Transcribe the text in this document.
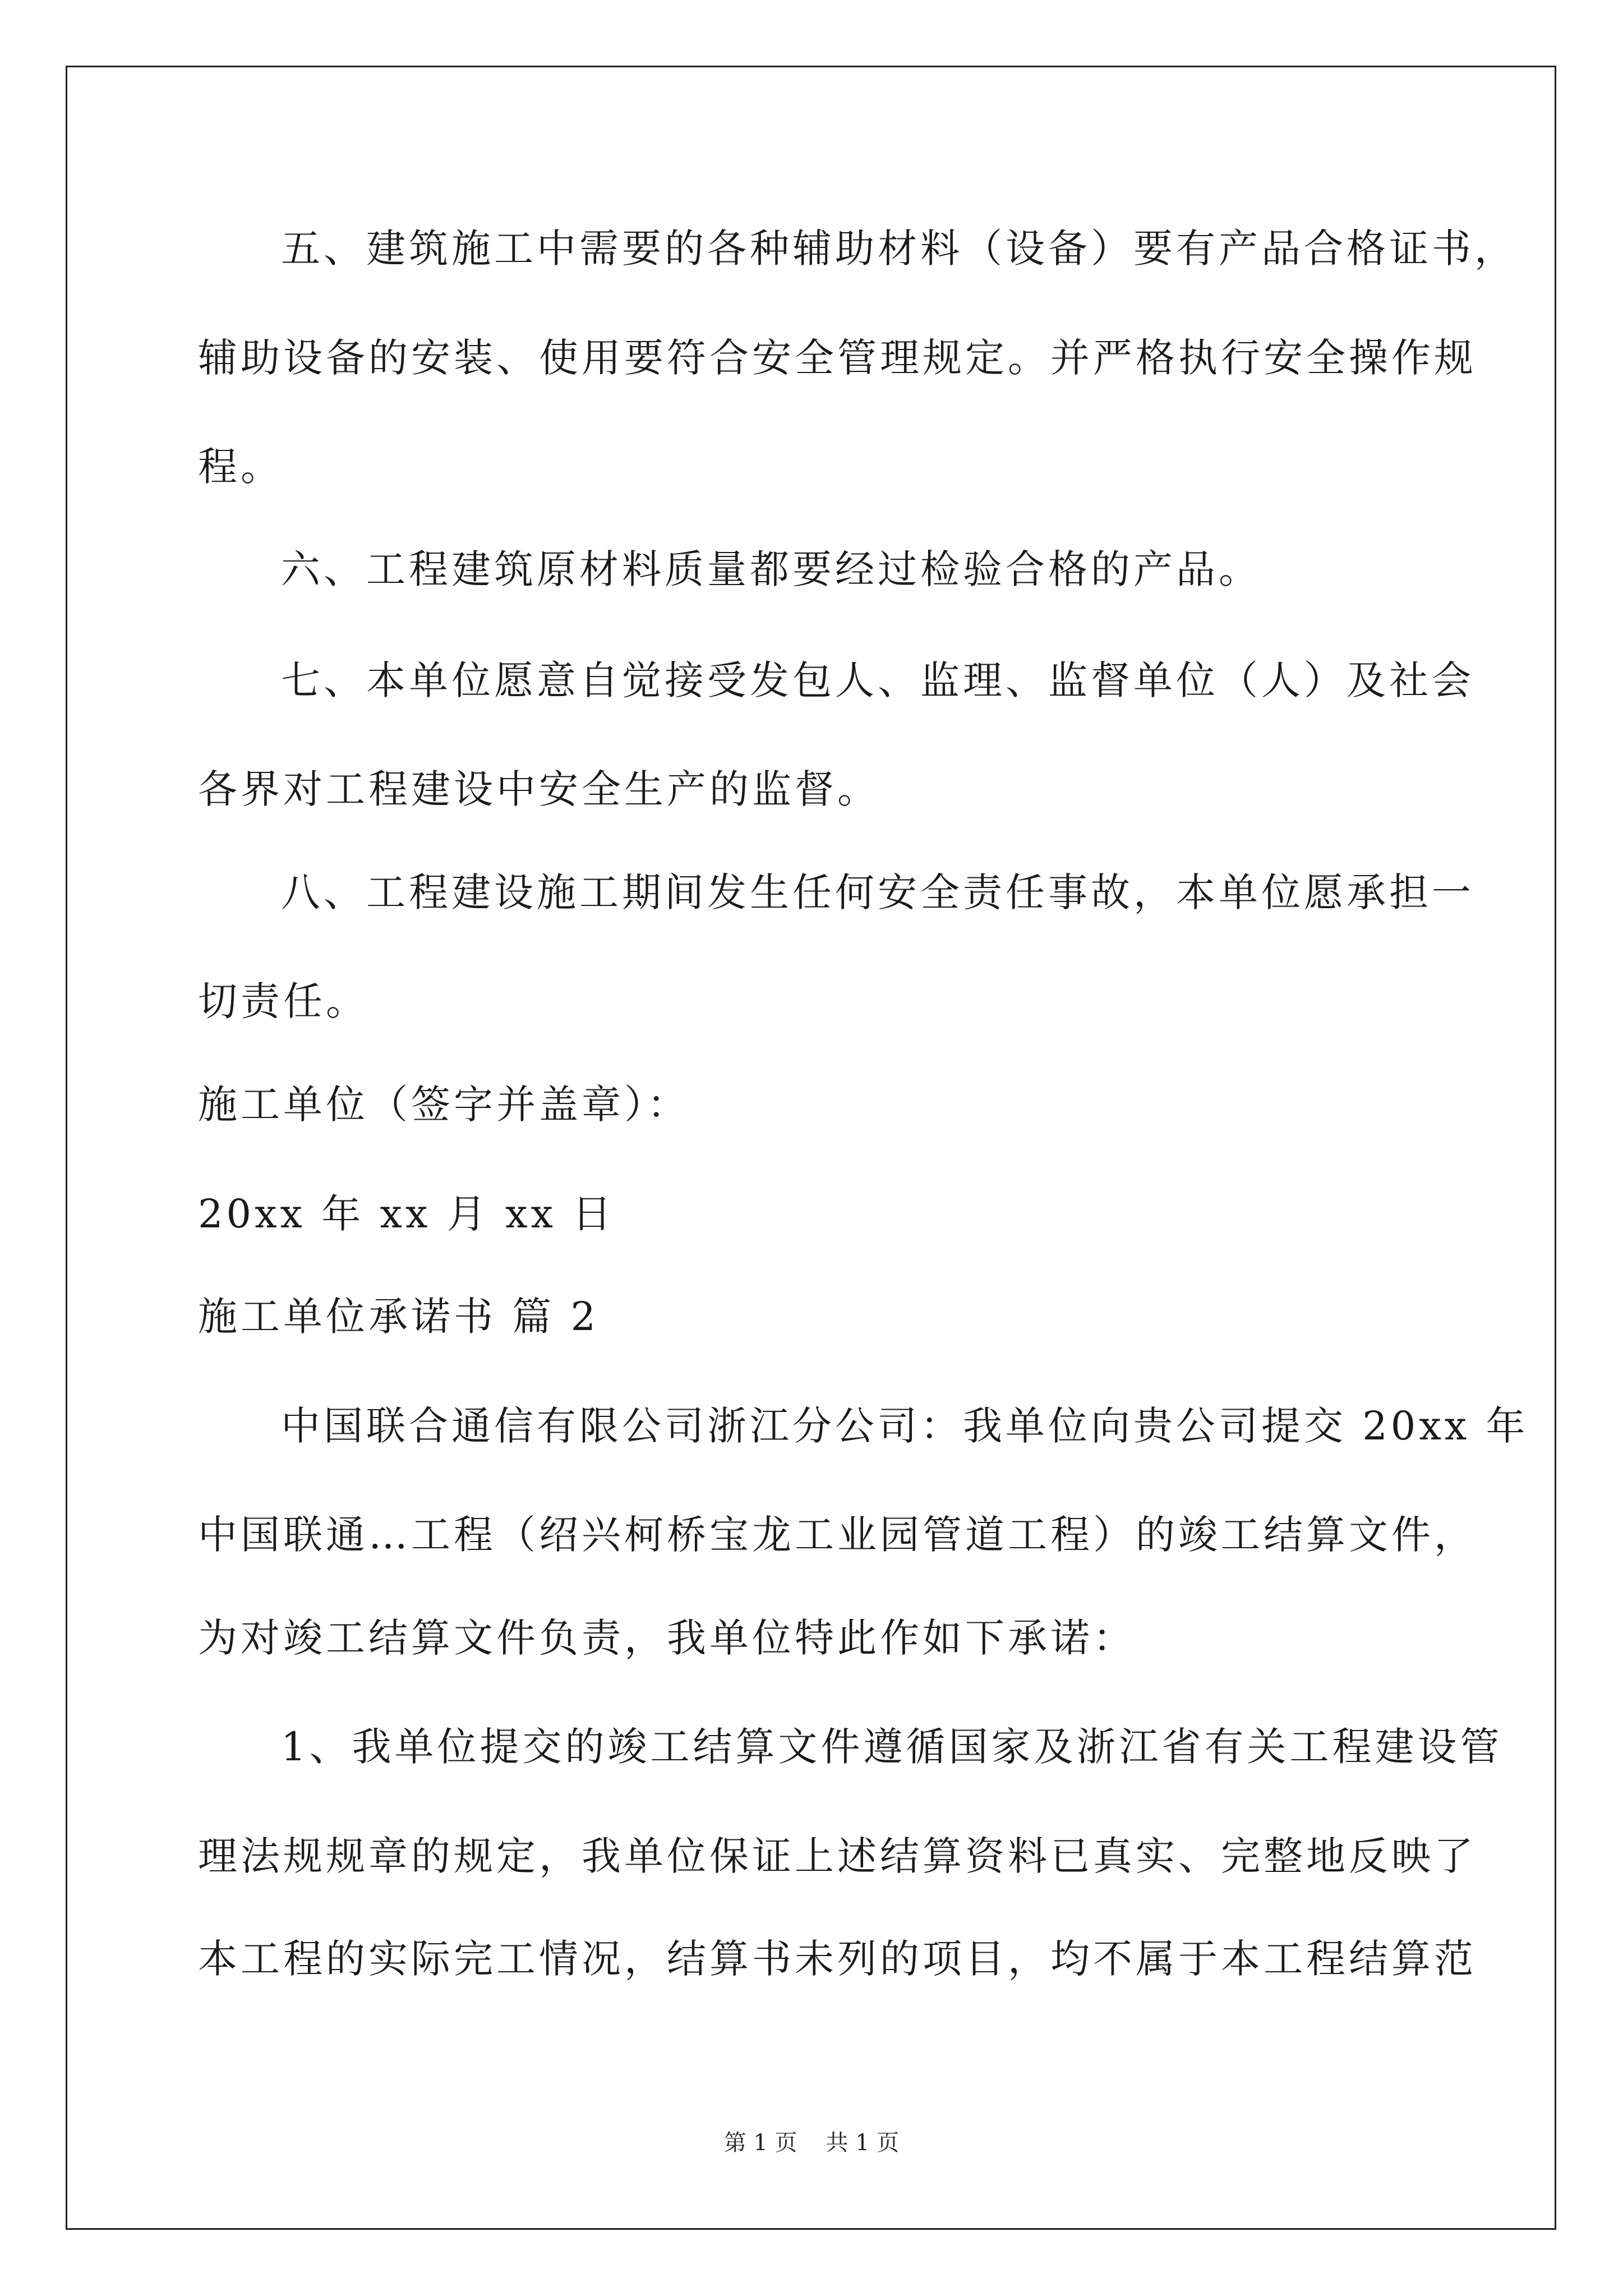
五、建筑施工中需要的各种辅助材料（设备）要有产品合格证书，
辅助设备的安装、使用要符合安全管理规定。并严格执行安全操作规
程。
六、工程建筑原材料质量都要经过检验合格的产品。
七、本单位愿意自觉接受发包人、监理、监督单位（人）及社会
各界对工程建设中安全生产的监督。
八、工程建设施工期间发生任何安全责任事故，本单位愿承担一
切责任。
施工单位（签字并盖章）：
20xx 年 xx 月 xx 日
施工单位承诺书 篇 2
中国联合通信有限公司浙江分公司：我单位向贵公司提交 20xx 年
中国联通…工程（绍兴柯桥宝龙工业园管道工程）的竣工结算文件，
为对竣工结算文件负责，我单位特此作如下承诺：
1、我单位提交的竣工结算文件遵循国家及浙江省有关工程建设管
理法规规章的规定，我单位保证上述结算资料已真实、完整地反映了
本工程的实际完工情况，结算书未列的项目，均不属于本工程结算范
第 1 页    共 1 页
